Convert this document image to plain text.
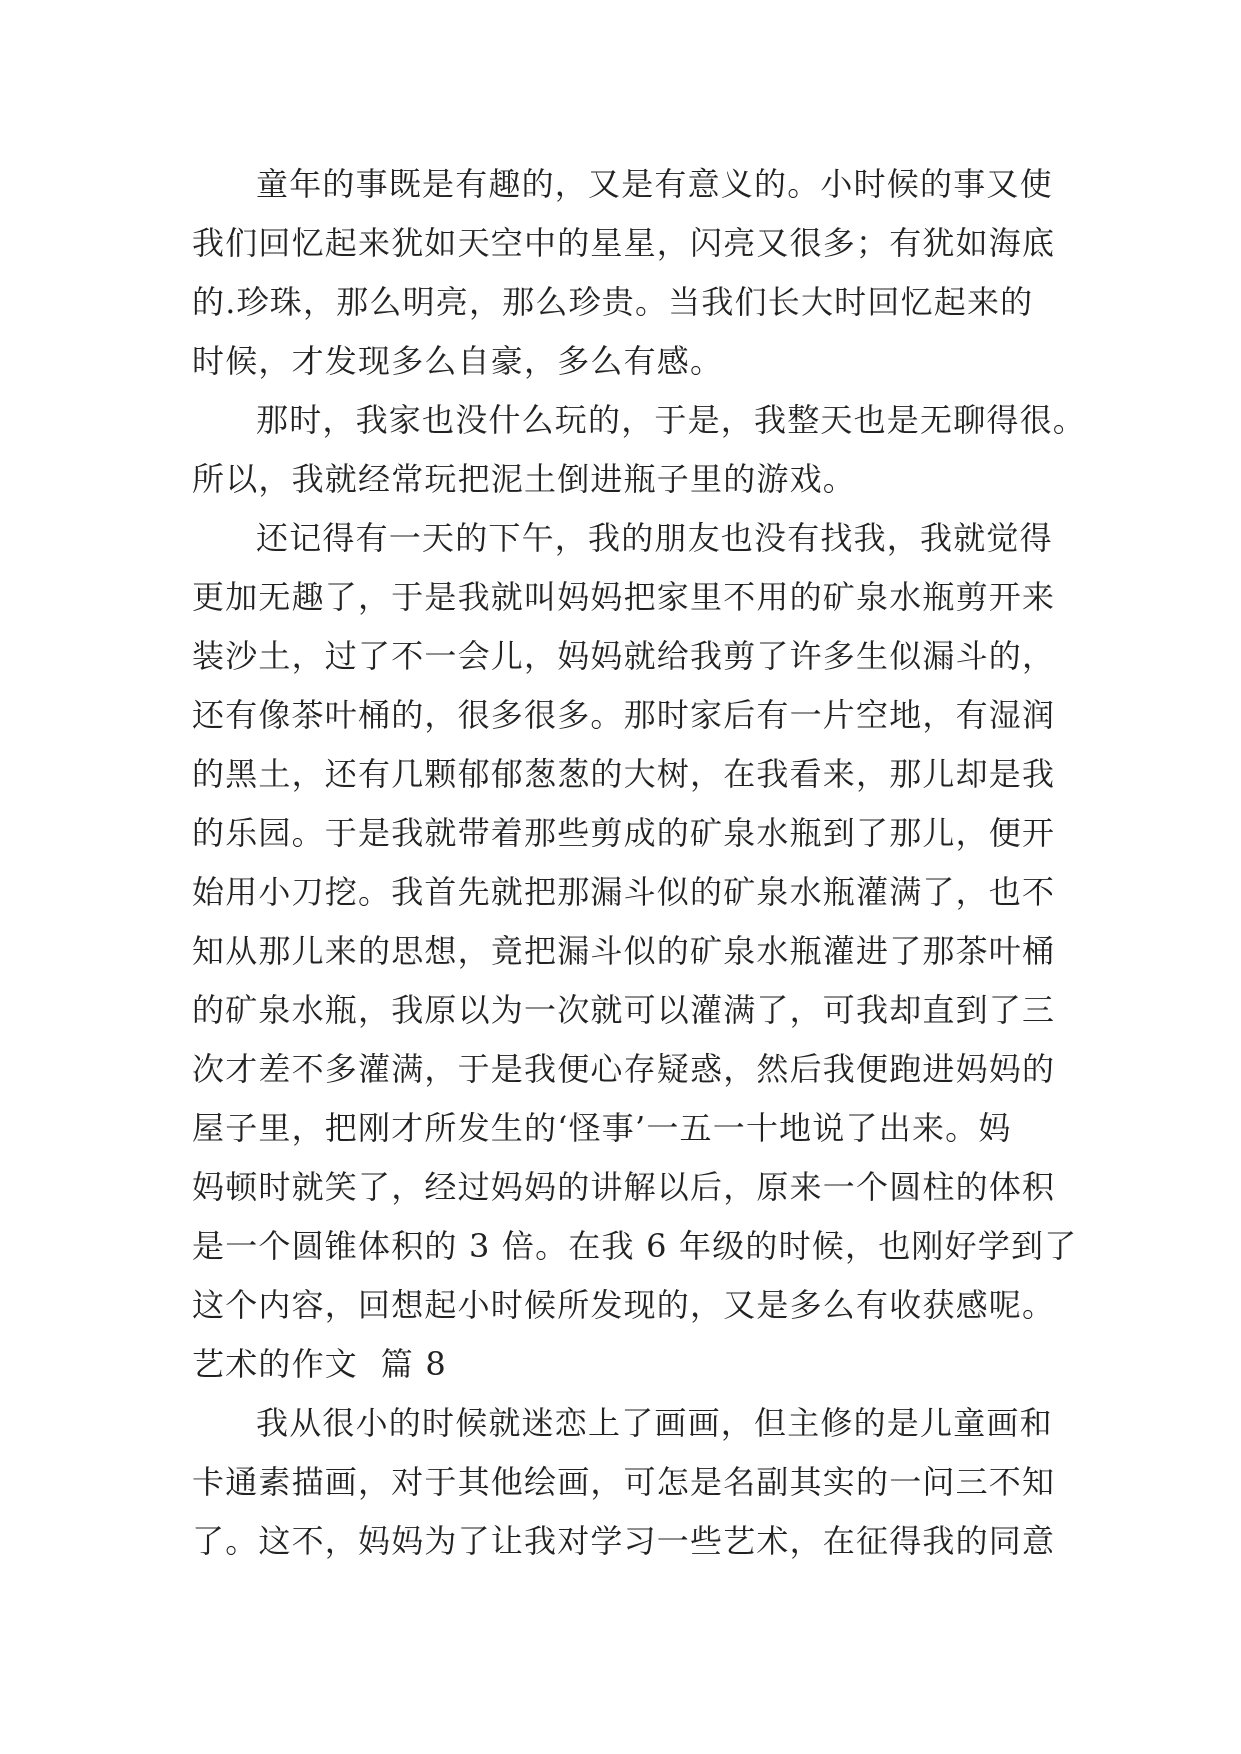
童年的事既是有趣的，又是有意义的。小时候的事又使
我们回忆起来犹如天空中的星星，闪亮又很多；有犹如海底
的.珍珠，那么明亮，那么珍贵。当我们长大时回忆起来的
时候，才发现多么自豪，多么有感。
那时，我家也没什么玩的，于是，我整天也是无聊得很。
所以，我就经常玩把泥土倒进瓶子里的游戏。
还记得有一天的下午，我的朋友也没有找我，我就觉得
更加无趣了，于是我就叫妈妈把家里不用的矿泉水瓶剪开来
装沙土，过了不一会儿，妈妈就给我剪了许多生似漏斗的，
还有像茶叶桶的，很多很多。那时家后有一片空地，有湿润
的黑土，还有几颗郁郁葱葱的大树，在我看来，那儿却是我
的乐园。于是我就带着那些剪成的矿泉水瓶到了那儿，便开
始用小刀挖。我首先就把那漏斗似的矿泉水瓶灌满了，也不
知从那儿来的思想，竟把漏斗似的矿泉水瓶灌进了那茶叶桶
的矿泉水瓶，我原以为一次就可以灌满了，可我却直到了三
次才差不多灌满，于是我便心存疑惑，然后我便跑进妈妈的
屋子里，把刚才所发生的‘怪事’一五一十地说了出来。妈
妈顿时就笑了，经过妈妈的讲解以后，原来一个圆柱的体积
是一个圆锥体积的 3 倍。在我 6 年级的时候，也刚好学到了
这个内容，回想起小时候所发现的，又是多么有收获感呢。
艺术的作文  篇 8
我从很小的时候就迷恋上了画画，但主修的是儿童画和
卡通素描画，对于其他绘画，可怎是名副其实的一问三不知
了。这不，妈妈为了让我对学习一些艺术，在征得我的同意
